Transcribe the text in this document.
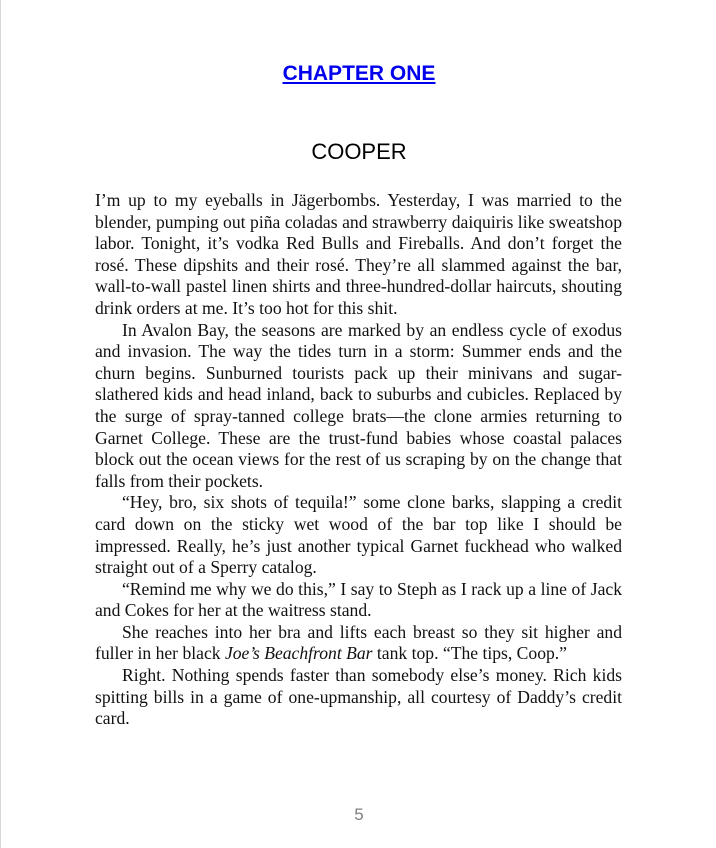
CHAPTER ONE
COOPER

I’m up to my eyeballs in Jägerbombs. Yesterday, I was married to the blender, pumping out piña coladas and strawberry daiquiris like sweatshop labor. Tonight, it’s vodka Red Bulls and Fireballs. And don’t forget the rosé. These dipshits and their rosé. They’re all slammed against the bar, wall-to-wall pastel linen shirts and three-hundred-dollar haircuts, shouting drink orders at me. It’s too hot for this shit.

In Avalon Bay, the seasons are marked by an endless cycle of exodus and invasion. The way the tides turn in a storm: Summer ends and the churn begins. Sunburned tourists pack up their minivans and sugar-slathered kids and head inland, back to suburbs and cubicles. Replaced by the surge of spray-tanned college brats—the clone armies returning to Garnet College. These are the trust-fund babies whose coastal palaces block out the ocean views for the rest of us scraping by on the change that falls from their pockets.

“Hey, bro, six shots of tequila!” some clone barks, slapping a credit card down on the sticky wet wood of the bar top like I should be impressed. Really, he’s just another typical Garnet fuckhead who walked straight out of a Sperry catalog.

“Remind me why we do this,” I say to Steph as I rack up a line of Jack and Cokes for her at the waitress stand.

She reaches into her bra and lifts each breast so they sit higher and fuller in her black Joe’s Beachfront Bar tank top. “The tips, Coop.”

Right. Nothing spends faster than somebody else’s money. Rich kids spitting bills in a game of one-upmanship, all courtesy of Daddy’s credit card.

5
